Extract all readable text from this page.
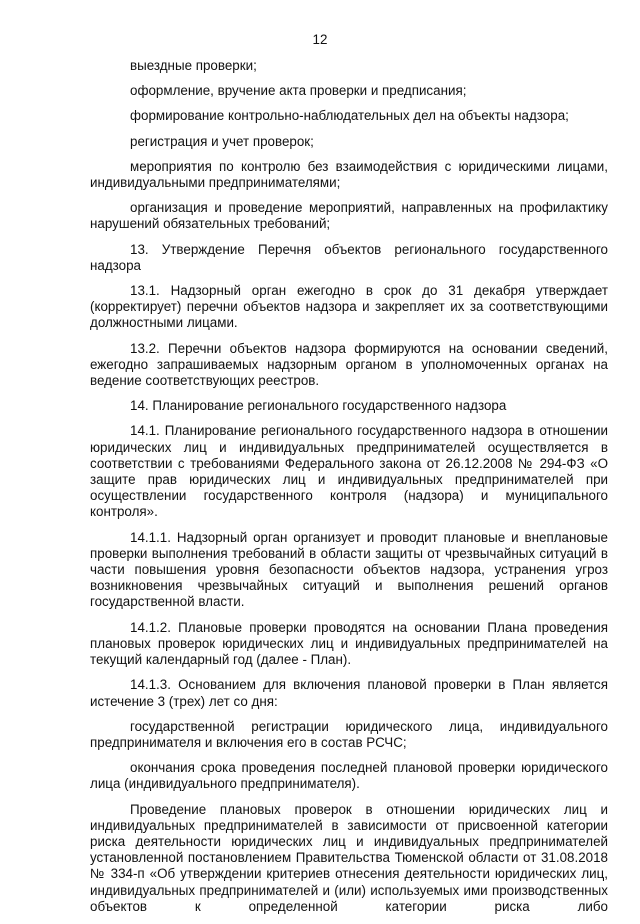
12

выездные проверки;

оформление, вручение акта проверки и предписания;

формирование контрольно-наблюдательных дел на объекты надзора;

регистрация и учет проверок;

мероприятия по контролю без взаимодействия с юридическими лицами, индивидуальными предпринимателями;

организация и проведение мероприятий, направленных на профилактику нарушений обязательных требований;

13. Утверждение Перечня объектов регионального государственного надзора

13.1. Надзорный орган ежегодно в срок до 31 декабря утверждает (корректирует) перечни объектов надзора и закрепляет их за соответствующими должностными лицами.

13.2. Перечни объектов надзора формируются на основании сведений, ежегодно запрашиваемых надзорным органом в уполномоченных органах на ведение соответствующих реестров.

14. Планирование регионального государственного надзора

14.1. Планирование регионального государственного надзора в отношении юридических лиц и индивидуальных предпринимателей осуществляется в соответствии с требованиями Федерального закона от 26.12.2008 № 294-ФЗ «О защите прав юридических лиц и индивидуальных предпринимателей при осуществлении государственного контроля (надзора) и муниципального контроля».

14.1.1. Надзорный орган организует и проводит плановые и внеплановые проверки выполнения требований в области защиты от чрезвычайных ситуаций в части повышения уровня безопасности объектов надзора, устранения угроз возникновения чрезвычайных ситуаций и выполнения решений органов государственной власти.

14.1.2. Плановые проверки проводятся на основании Плана проведения плановых проверок юридических лиц и индивидуальных предпринимателей на текущий календарный год (далее - План).

14.1.3. Основанием для включения плановой проверки в План является истечение 3 (трех) лет со дня:

государственной регистрации юридического лица, индивидуального предпринимателя и включения его в состав РСЧС;

окончания срока проведения последней плановой проверки юридического лица (индивидуального предпринимателя).

Проведение плановых проверок в отношении юридических лиц и индивидуальных предпринимателей в зависимости от присвоенной категории риска деятельности юридических лиц и индивидуальных предпринимателей установленной постановлением Правительства Тюменской области от 31.08.2018 № 334-п «Об утверждении критериев отнесения деятельности юридических лиц, индивидуальных предпринимателей и (или) используемых ими производственных объектов к определенной категории риска либо
